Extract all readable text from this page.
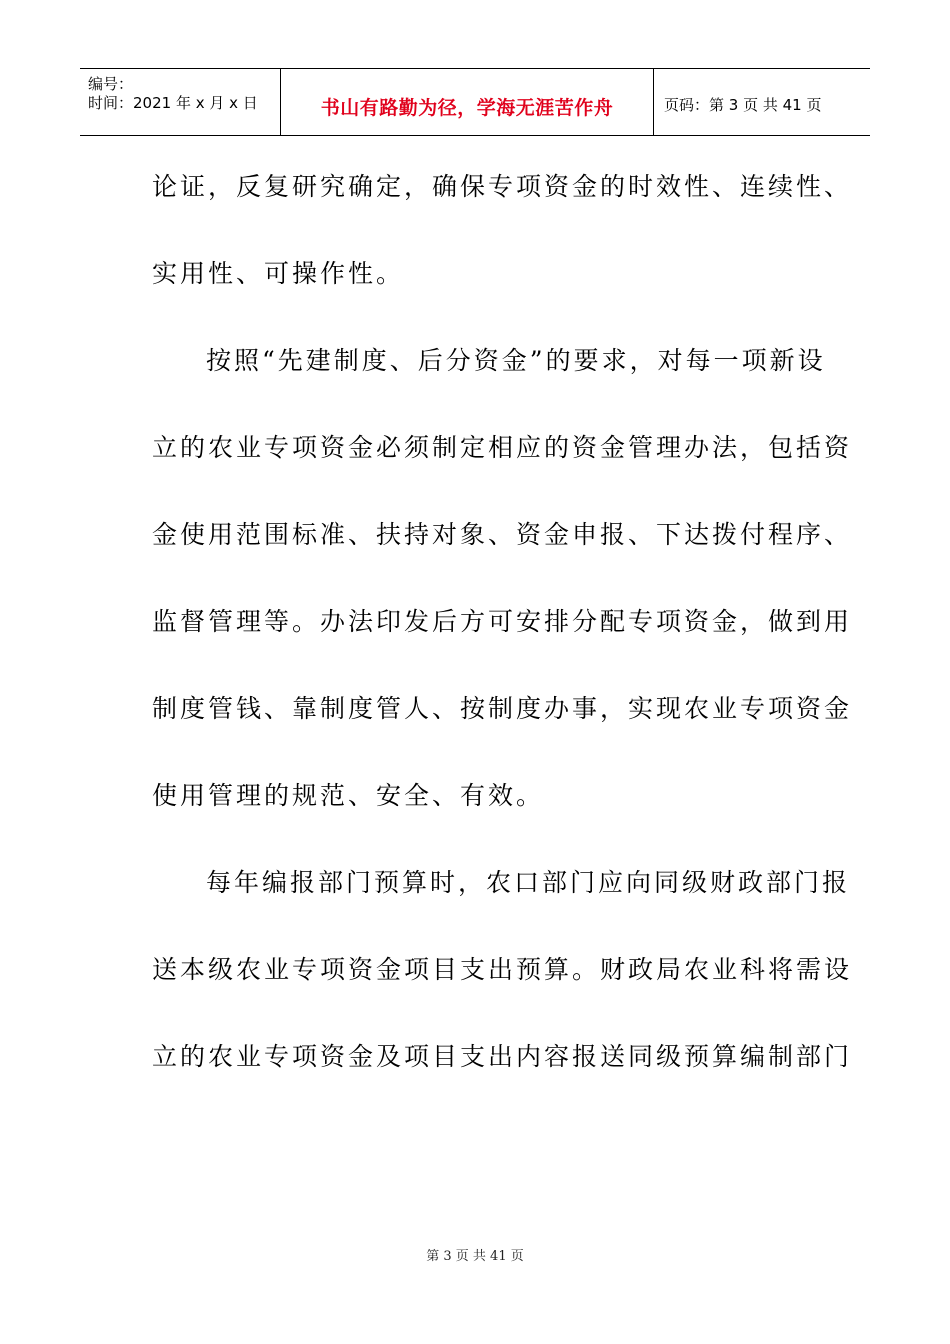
编号：
时间：2021 年 x 月 x 日	书山有路勤为径，学海无涯苦作舟	页码：第 3 页 共 41 页
论证，反复研究确定，确保专项资金的时效性、连续性、
实用性、可操作性。
按照“先建制度、后分资金”的要求，对每一项新设
立的农业专项资金必须制定相应的资金管理办法，包括资
金使用范围标准、扶持对象、资金申报、下达拨付程序、
监督管理等。办法印发后方可安排分配专项资金，做到用
制度管钱、靠制度管人、按制度办事，实现农业专项资金
使用管理的规范、安全、有效。
每年编报部门预算时，农口部门应向同级财政部门报
送本级农业专项资金项目支出预算。财政局农业科将需设
立的农业专项资金及项目支出内容报送同级预算编制部门
第 3 页 共 41 页
